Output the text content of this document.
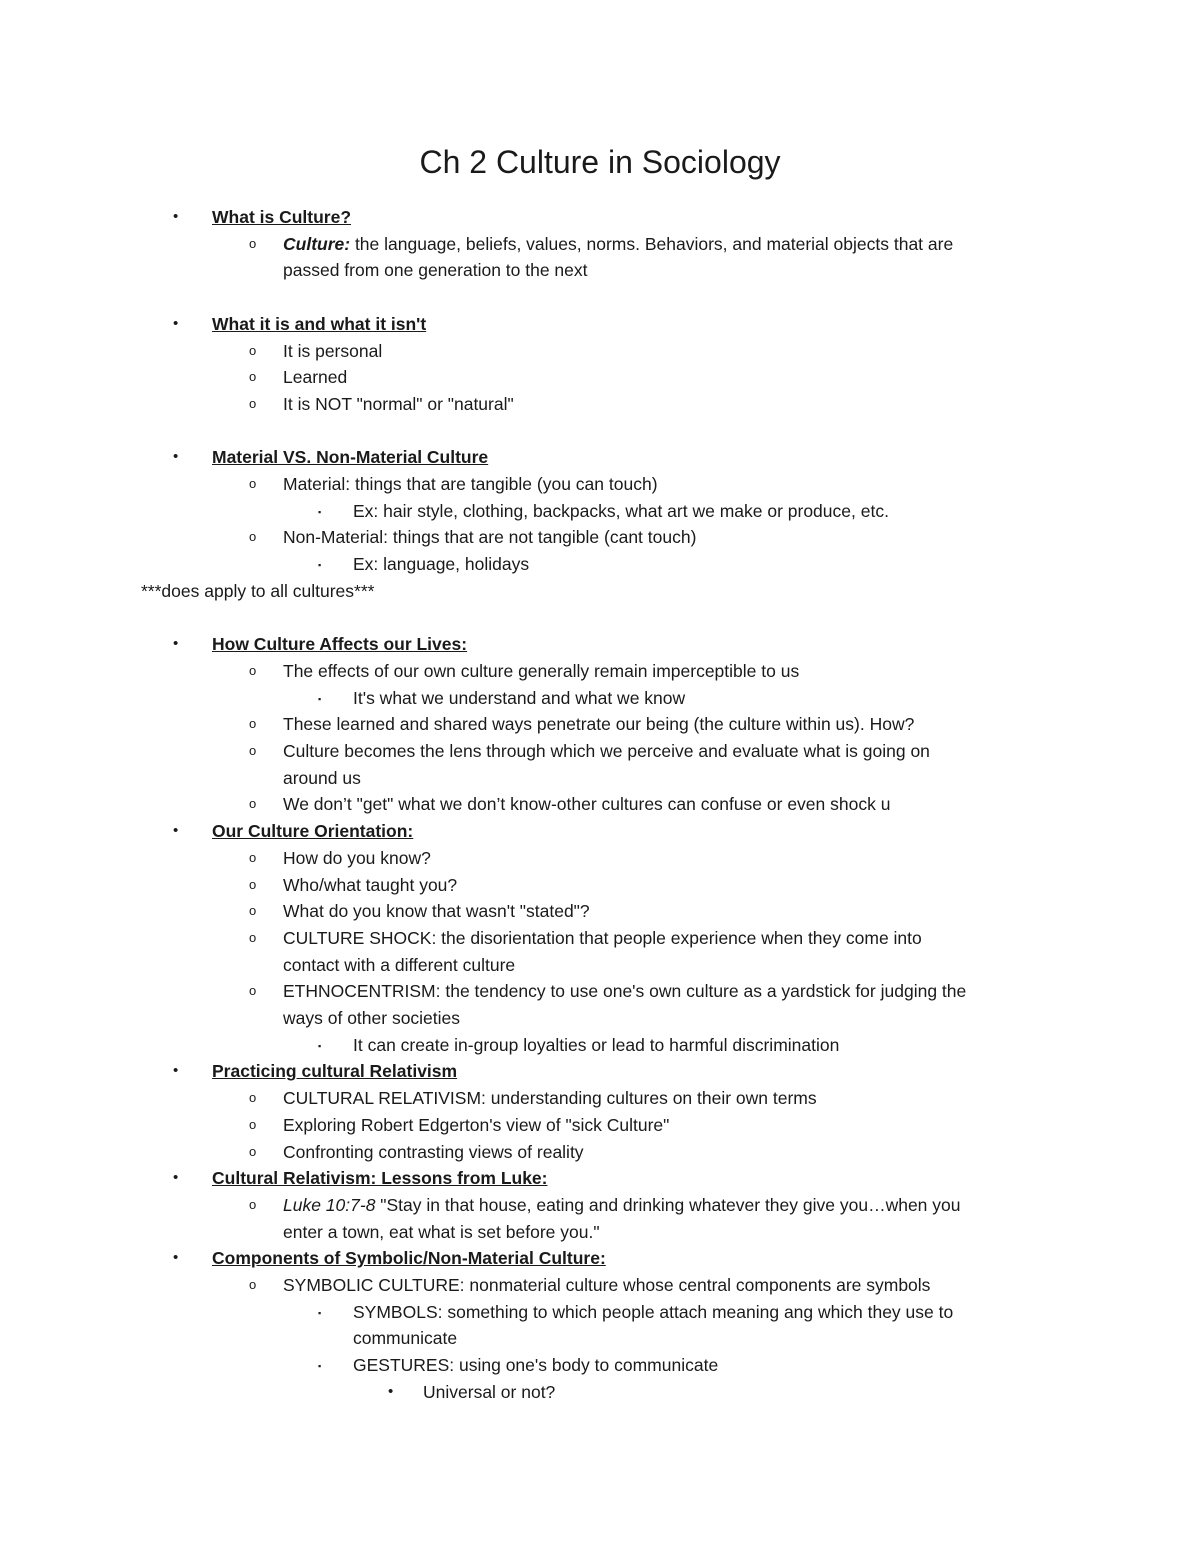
Ch 2 Culture in Sociology
• What is Culture?
o Culture: the language, beliefs, values, norms. Behaviors, and material objects that are
passed from one generation to the next
• What it is and what it isn't
o It is personal
o Learned
o It is NOT "normal" or "natural"
• Material VS. Non-Material Culture
o Material: things that are tangible (you can touch)
▪ Ex: hair style, clothing, backpacks, what art we make or produce, etc.
o Non-Material: things that are not tangible (cant touch)
▪ Ex: language, holidays
***does apply to all cultures***
• How Culture Affects our Lives:
o The effects of our own culture generally remain imperceptible to us
▪ It's what we understand and what we know
o These learned and shared ways penetrate our being (the culture within us). How?
o Culture becomes the lens through which we perceive and evaluate what is going on
around us
o We don’t "get" what we don’t know-other cultures can confuse or even shock u
• Our Culture Orientation:
o How do you know?
o Who/what taught you?
o What do you know that wasn't "stated"?
o CULTURE SHOCK: the disorientation that people experience when they come into
contact with a different culture
o ETHNOCENTRISM: the tendency to use one's own culture as a yardstick for judging the
ways of other societies
▪ It can create in-group loyalties or lead to harmful discrimination
• Practicing cultural Relativism
o CULTURAL RELATIVISM: understanding cultures on their own terms
o Exploring Robert Edgerton's view of "sick Culture"
o Confronting contrasting views of reality
• Cultural Relativism: Lessons from Luke:
o Luke 10:7-8 "Stay in that house, eating and drinking whatever they give you…when you
enter a town, eat what is set before you."
• Components of Symbolic/Non-Material Culture:
o SYMBOLIC CULTURE: nonmaterial culture whose central components are symbols
▪ SYMBOLS: something to which people attach meaning ang which they use to
communicate
▪ GESTURES: using one's body to communicate
• Universal or not?
